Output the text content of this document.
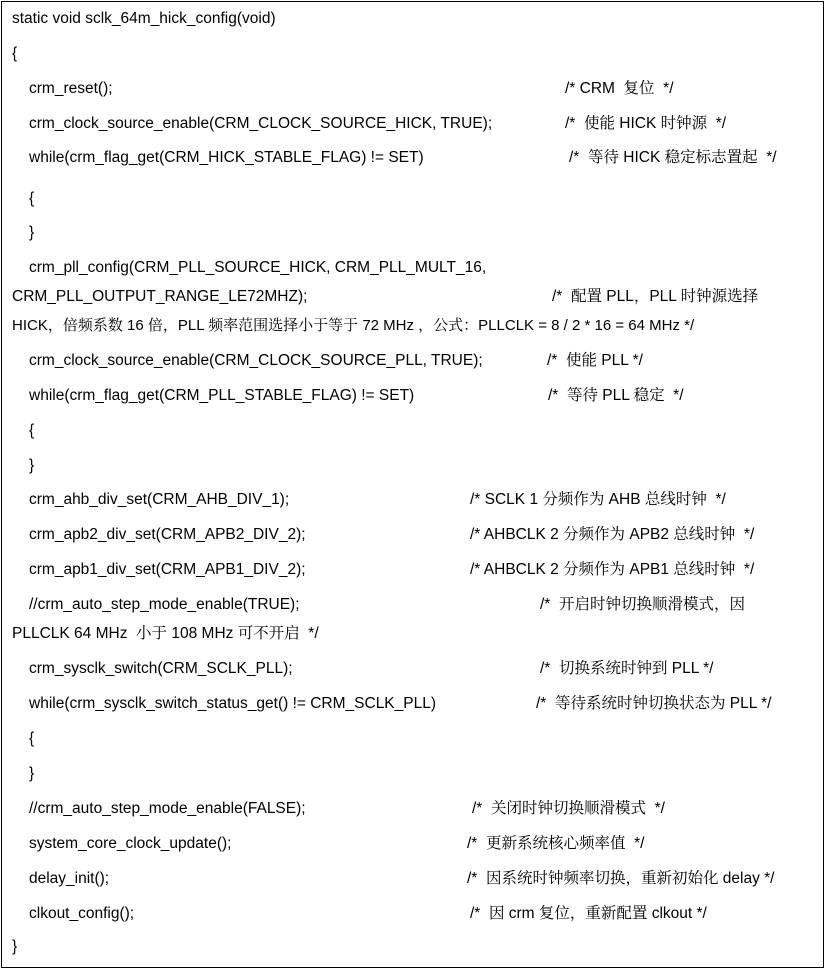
static void sclk_64m_hick_config(void)
{
crm_reset();	/* CRM  复位  */
crm_clock_source_enable(CRM_CLOCK_SOURCE_HICK, TRUE);	/*  使能 HICK 时钟源  */
while(crm_flag_get(CRM_HICK_STABLE_FLAG) != SET)	/*  等待 HICK 稳定标志置起  */
{
}
crm_pll_config(CRM_PLL_SOURCE_HICK, CRM_PLL_MULT_16,
CRM_PLL_OUTPUT_RANGE_LE72MHZ);	/*  配置 PLL，PLL 时钟源选择
HICK，倍频系数 16 倍，PLL 频率范围选择小于等于 72 MHz ，公式：PLLCLK = 8 / 2 * 16 = 64 MHz */
crm_clock_source_enable(CRM_CLOCK_SOURCE_PLL, TRUE);	/*  使能 PLL */
while(crm_flag_get(CRM_PLL_STABLE_FLAG) != SET)	/*  等待 PLL 稳定  */
{
}
crm_ahb_div_set(CRM_AHB_DIV_1);	/* SCLK 1 分频作为 AHB 总线时钟  */
crm_apb2_div_set(CRM_APB2_DIV_2);	/* AHBCLK 2 分频作为 APB2 总线时钟  */
crm_apb1_div_set(CRM_APB1_DIV_2);	/* AHBCLK 2 分频作为 APB1 总线时钟  */
//crm_auto_step_mode_enable(TRUE);	/*  开启时钟切换顺滑模式，因
PLLCLK 64 MHz  小于 108 MHz 可不开启  */
crm_sysclk_switch(CRM_SCLK_PLL);	/*  切换系统时钟到 PLL */
while(crm_sysclk_switch_status_get() != CRM_SCLK_PLL)	/*  等待系统时钟切换状态为 PLL */
{
}
//crm_auto_step_mode_enable(FALSE);	/*  关闭时钟切换顺滑模式  */
system_core_clock_update();	/*  更新系统核心频率值  */
delay_init();	/*  因系统时钟频率切换，重新初始化 delay */
clkout_config();	/*  因 crm 复位，重新配置 clkout */
}
